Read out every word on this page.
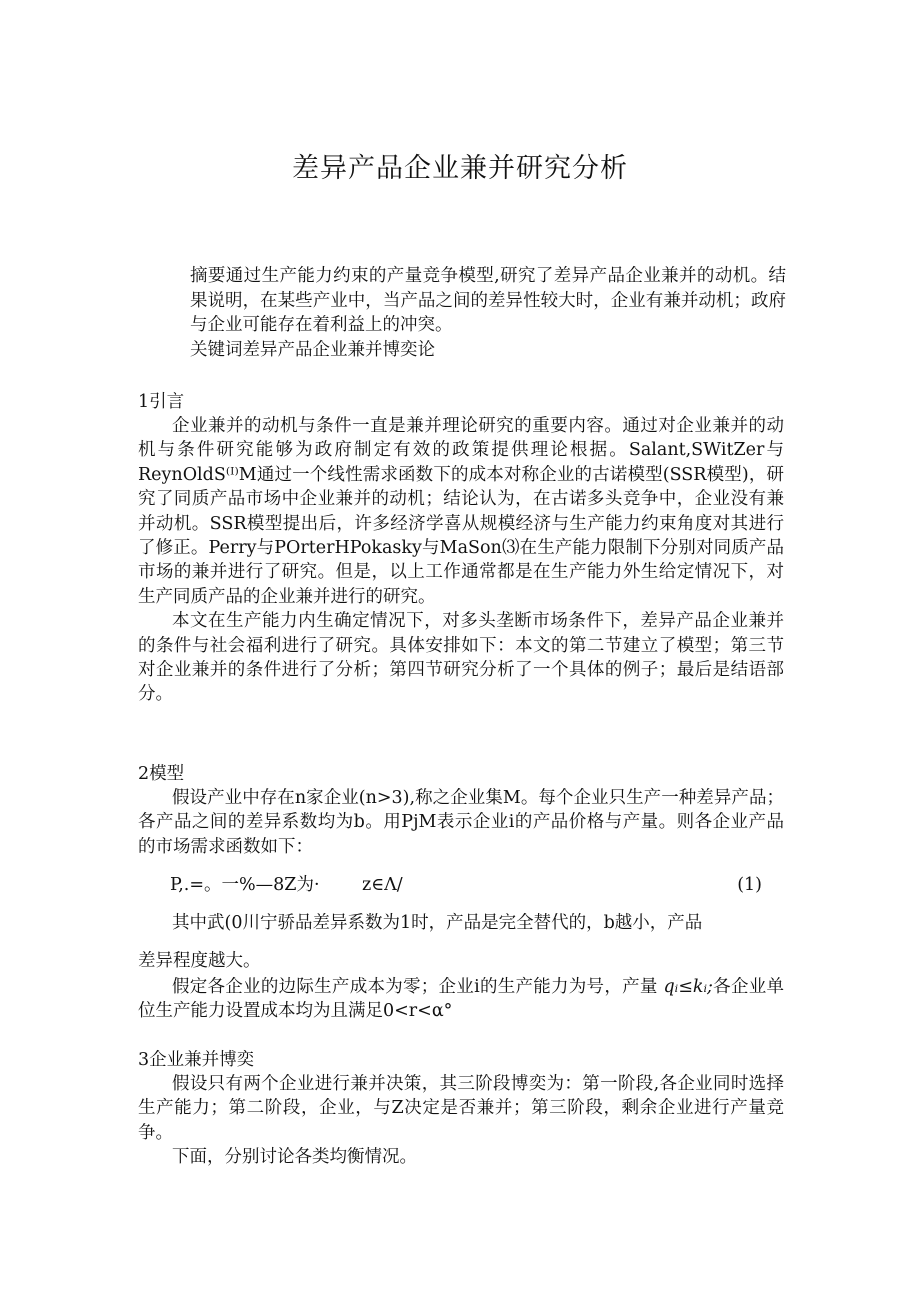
差异产品企业兼并研究分析

摘要通过生产能力约束的产量竞争模型,研究了差异产品企业兼并的动机。结果说明，在某些产业中，当产品之间的差异性较大时，企业有兼并动机；政府与企业可能存在着利益上的冲突。

关键词差异产品企业兼并博奕论

1引言

企业兼并的动机与条件一直是兼并理论研究的重要内容。通过对企业兼并的动机与条件研究能够为政府制定有效的政策提供理论根据。Salant,SWitZer与ReynOldS⁽ᴵ⁾M通过一个线性需求函数下的成本对称企业的古诺模型(SSR模型)，研究了同质产品市场中企业兼并的动机；结论认为，在古诺多头竞争中，企业没有兼并动机。SSR模型提出后，许多经济学喜从规模经济与生产能力约束角度对其进行了修正。Perry与POrterHPokasky与MaSon⑶在生产能力限制下分别对同质产品市场的兼并进行了研究。但是，以上工作通常都是在生产能力外生给定情况下，对生产同质产品的企业兼并进行的研究。

本文在生产能力内生确定情况下，对多头垄断市场条件下，差异产品企业兼并的条件与社会福利进行了研究。具体安排如下：本文的第二节建立了模型；第三节对企业兼并的条件进行了分析；第四节研究分析了一个具体的例子；最后是结语部分。

2模型

假设产业中存在n家企业(n>3),称之企业集M。每个企业只生产一种差异产品；各产品之间的差异系数均为b。用PjM表示企业i的产品价格与产量。则各企业产品的市场需求函数如下：

P,.=。一%—8Z为· z∈Λ/	(1)
其中武(0川宁骄品差异系数为1时，产品是完全替代的，b越小，产品
差异程度越大。

假定各企业的边际生产成本为零；企业i的生产能力为号，产量 qᵢ≤kᵢ;各企业单位生产能力设置成本均为且满足0<r<α°

3企业兼并博奕

假设只有两个企业进行兼并决策，其三阶段博奕为：第一阶段,各企业同时选择生产能力；第二阶段，企业，与Z决定是否兼并；第三阶段，剩余企业进行产量竞争。

下面，分别讨论各类均衡情况。
